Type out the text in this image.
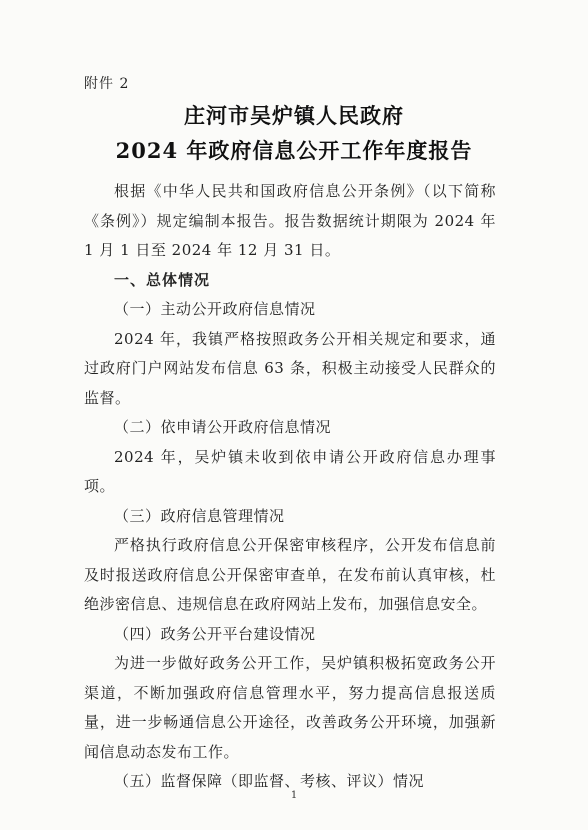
附件 2
庄河市吴炉镇人民政府
2024 年政府信息公开工作年度报告

根据《中华人民共和国政府信息公开条例》（以下简称《条例》）规定编制本报告。报告数据统计期限为 2024 年 1 月 1 日至 2024 年 12 月 31 日。

一、总体情况

（一）主动公开政府信息情况

2024 年，我镇严格按照政务公开相关规定和要求，通过政府门户网站发布信息 63 条，积极主动接受人民群众的监督。

（二）依申请公开政府信息情况

2024 年，吴炉镇未收到依申请公开政府信息办理事项。

（三）政府信息管理情况

严格执行政府信息公开保密审核程序，公开发布信息前及时报送政府信息公开保密审查单，在发布前认真审核，杜绝涉密信息、违规信息在政府网站上发布，加强信息安全。

（四）政务公开平台建设情况

为进一步做好政务公开工作，吴炉镇积极拓宽政务公开渠道，不断加强政府信息管理水平，努力提高信息报送质量，进一步畅通信息公开途径，改善政务公开环境，加强新闻信息动态发布工作。

（五）监督保障（即监督、考核、评议）情况

1
